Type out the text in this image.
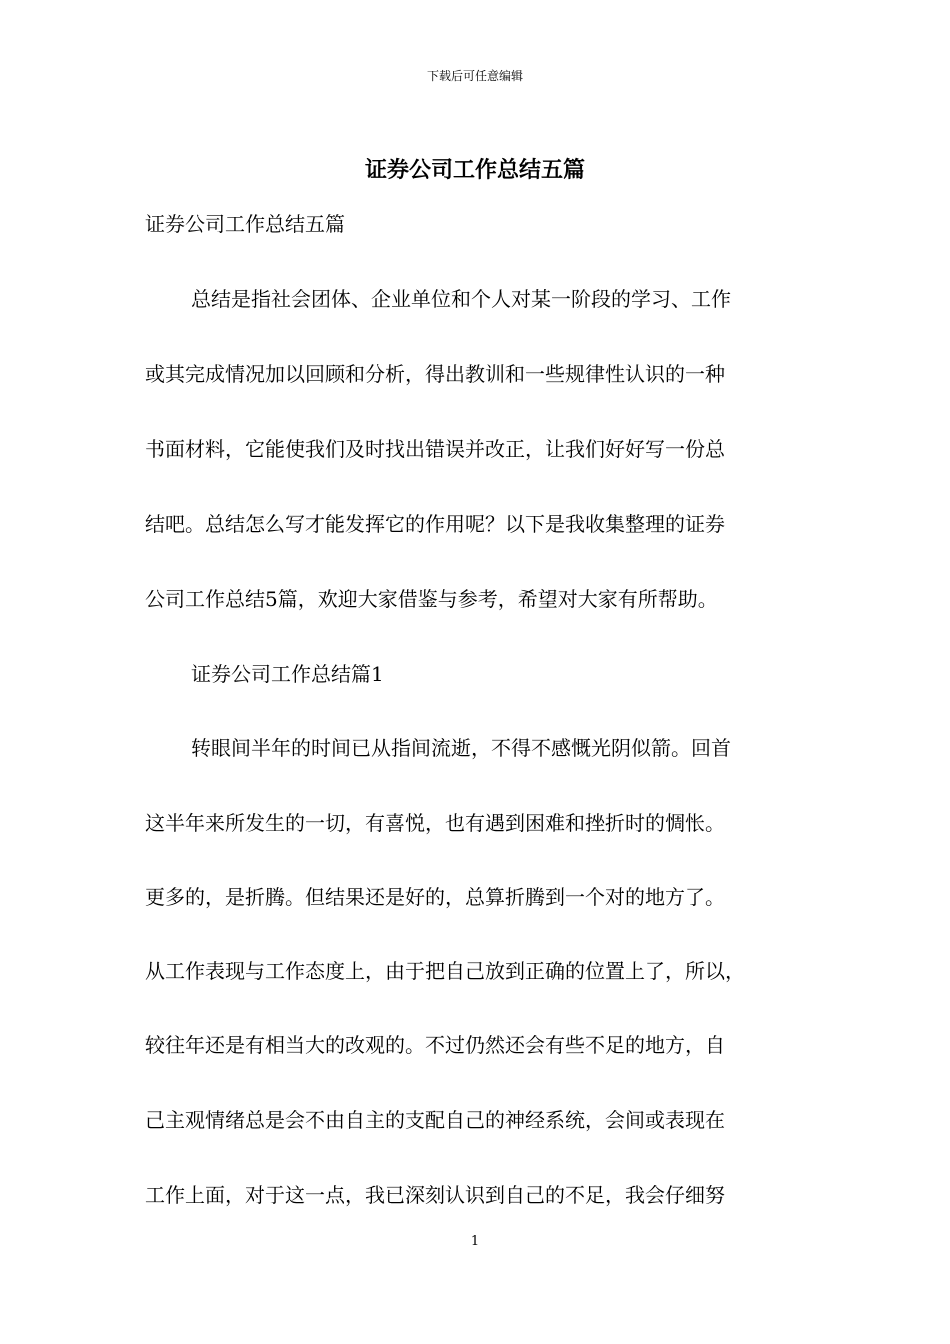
下载后可任意编辑
证券公司工作总结五篇
证券公司工作总结五篇
总结是指社会团体、企业单位和个人对某一阶段的学习、工作
或其完成情况加以回顾和分析，得出教训和一些规律性认识的一种
书面材料，它能使我们及时找出错误并改正，让我们好好写一份总
结吧。总结怎么写才能发挥它的作用呢？以下是我收集整理的证券
公司工作总结5篇，欢迎大家借鉴与参考，希望对大家有所帮助。
证券公司工作总结篇1
转眼间半年的时间已从指间流逝，不得不感慨光阴似箭。回首
这半年来所发生的一切，有喜悦，也有遇到困难和挫折时的惆怅。
更多的，是折腾。但结果还是好的，总算折腾到一个对的地方了。
从工作表现与工作态度上，由于把自己放到正确的位置上了，所以，
较往年还是有相当大的改观的。不过仍然还会有些不足的地方，自
己主观情绪总是会不由自主的支配自己的神经系统，会间或表现在
工作上面，对于这一点，我已深刻认识到自己的不足，我会仔细努
1
